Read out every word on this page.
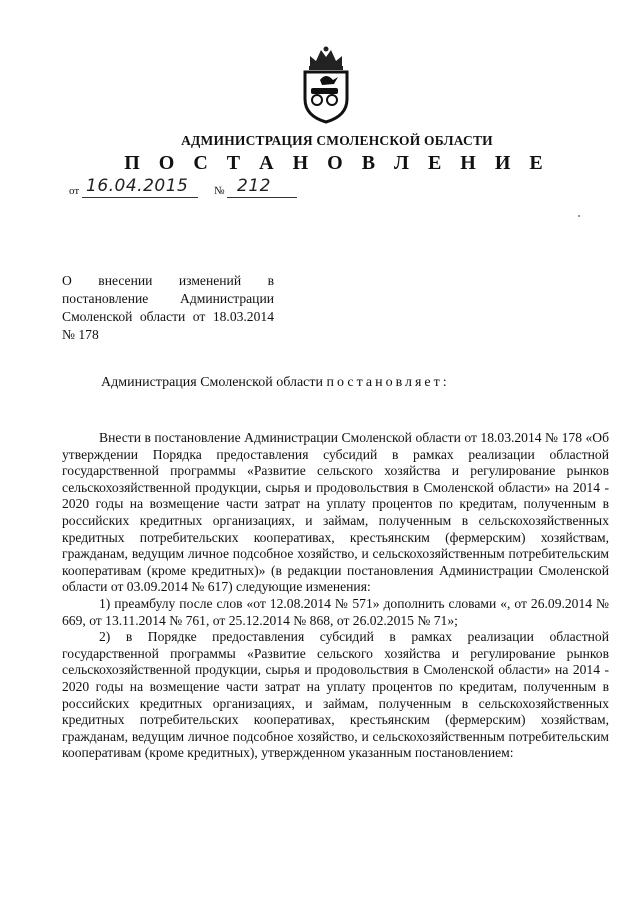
АДМИНИСТРАЦИЯ СМОЛЕНСКОЙ ОБЛАСТИ
П О С Т А Н О В Л Е Н И Е
от 16.04.2015 № 212
О внесении изменений в постановление Администрации Смоленской области от 18.03.2014 № 178
Администрация Смоленской области постановляет:

Внести в постановление Администрации Смоленской области от 18.03.2014 № 178 «Об утверждении Порядка предоставления субсидий в рамках реализации областной государственной программы «Развитие сельского хозяйства и регулирование рынков сельскохозяйственной продукции, сырья и продовольствия в Смоленской области» на 2014 - 2020 годы на возмещение части затрат на уплату процентов по кредитам, полученным в российских кредитных организациях, и займам, полученным в сельскохозяйственных кредитных потребительских кооперативах, крестьянским (фермерским) хозяйствам, гражданам, ведущим личное подсобное хозяйство, и сельскохозяйственным потребительским кооперативам (кроме кредитных)» (в редакции постановления Администрации Смоленской области от 03.09.2014 № 617) следующие изменения:

1) преамбулу после слов «от 12.08.2014 № 571» дополнить словами «, от 26.09.2014 № 669, от 13.11.2014 № 761, от 25.12.2014 № 868, от 26.02.2015 № 71»;

2) в Порядке предоставления субсидий в рамках реализации областной государственной программы «Развитие сельского хозяйства и регулирование рынков сельскохозяйственной продукции, сырья и продовольствия в Смоленской области» на 2014 - 2020 годы на возмещение части затрат на уплату процентов по кредитам, полученным в российских кредитных организациях, и займам, полученным в сельскохозяйственных кредитных потребительских кооперативах, крестьянским (фермерским) хозяйствам, гражданам, ведущим личное подсобное хозяйство, и сельскохозяйственным потребительским кооперативам (кроме кредитных), утвержденном указанным постановлением:
